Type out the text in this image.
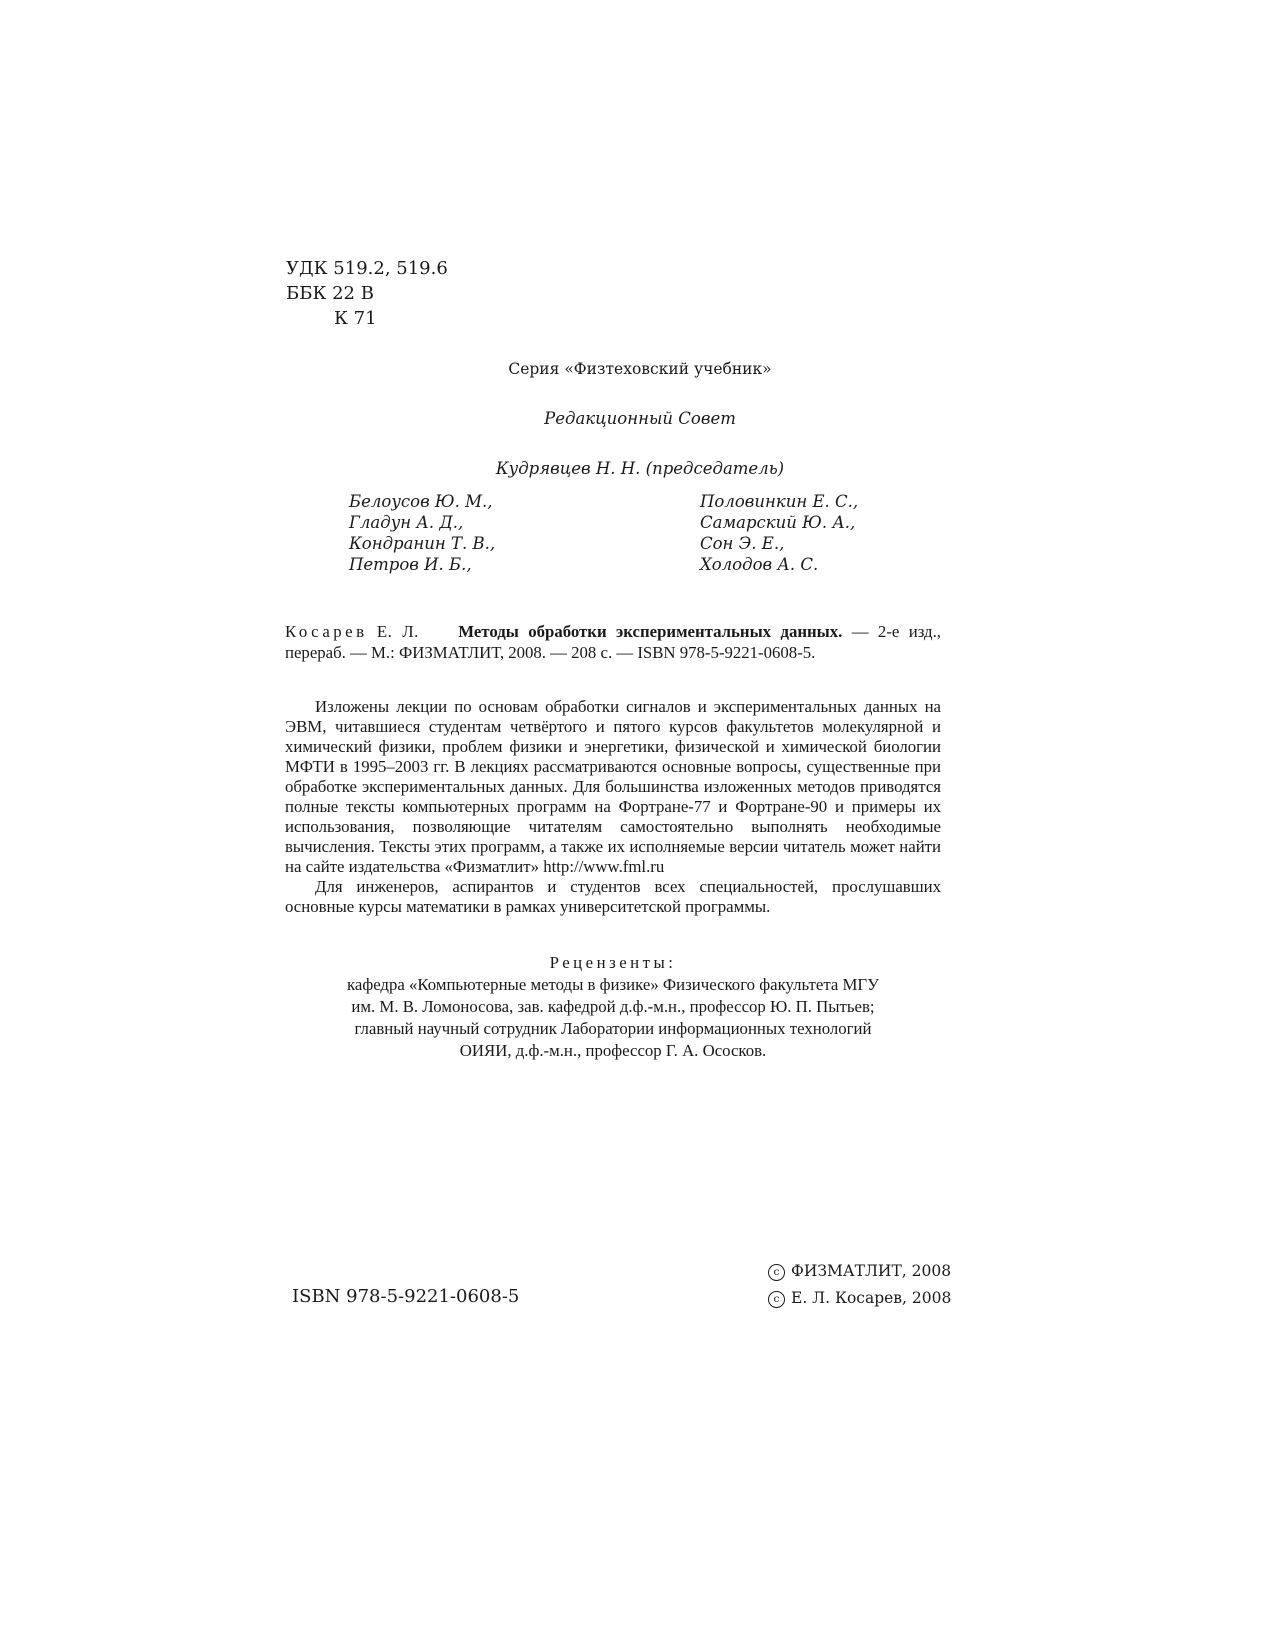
УДК 519.2, 519.6
ББК 22 В
К 71
Серия «Физтеховский учебник»
Редакционный Совет
Кудрявцев Н. Н. (председатель)
Белоусов Ю. М.,
Гладун А. Д.,
Кондранин Т. В.,
Петров И. Б.,
Половинкин Е. С.,
Самарский Ю. А.,
Сон Э. Е.,
Холодов А. С.
Косарев Е. Л. Методы обработки экспериментальных данных. — 2-е изд., перераб. — М.: ФИЗМАТЛИТ, 2008. — 208 с. — ISBN 978-5-9221-0608-5.

Изложены лекции по основам обработки сигналов и экспериментальных данных на ЭВМ, читавшиеся студентам четвёртого и пятого курсов факультетов молекулярной и химический физики, проблем физики и энергетики, физической и химической биологии МФТИ в 1995–2003 гг. В лекциях рассматриваются основные вопросы, существенные при обработке экспериментальных данных. Для большинства изложенных методов приводятся полные тексты компьютерных программ на Фортране-77 и Фортране-90 и примеры их использования, позволяющие читателям самостоятельно выполнять необходимые вычисления. Тексты этих программ, а также их исполняемые версии читатель может найти на сайте издательства «Физматлит» http://www.fml.ru

Для инженеров, аспирантов и студентов всех специальностей, прослушавших основные курсы математики в рамках университетской программы.

Рецензенты:
кафедра «Компьютерные методы в физике» Физического факультета МГУ
им. М. В. Ломоносова, зав. кафедрой д.ф.-м.н., профессор Ю. П. Пытьев;
главный научный сотрудник Лаборатории информационных технологий
ОИЯИ, д.ф.-м.н., профессор Г. А. Ососков.
ISBN 978-5-9221-0608-5
c ФИЗМАТЛИТ, 2008
c Е. Л. Косарев, 2008
